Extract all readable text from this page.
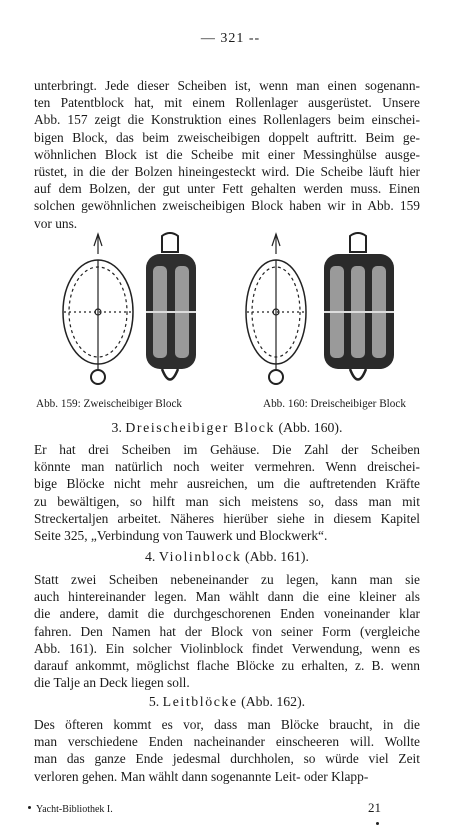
— 321 --
unterbringt. Jede dieser Scheiben ist, wenn man einen sogenann-
ten Patentblock hat, mit einem Rollenlager ausgerüstet. Unsere
Abb. 157 zeigt die Konstruktion eines Rollenlagers beim einschei-
bigen Block, das beim zweischeibigen doppelt auftritt. Beim ge-
wöhnlichen Block ist die Scheibe mit einer Messinghülse ausge-
rüstet, in die der Bolzen hineingesteckt wird. Die Scheibe läuft hier
auf dem Bolzen, der gut unter Fett gehalten werden muss. Einen
solchen gewöhnlichen zweischeibigen Block haben wir in Abb. 159
vor uns.
Abb. 159: Zweischeibiger Block	Abb. 160: Dreischeibiger Block
3. Dreischeibiger Block (Abb. 160).
Er hat drei Scheiben im Gehäuse. Die Zahl der Scheiben
könnte man natürlich noch weiter vermehren. Wenn dreischei-
bige Blöcke nicht mehr ausreichen, um die auftretenden Kräfte
zu bewältigen, so hilft man sich meistens so, dass man mit
Streckertaljen arbeitet. Näheres hierüber siehe in diesem Kapitel
Seite 325, „Verbindung von Tauwerk und Blockwerk“.
4. Violinblock (Abb. 161).
Statt zwei Scheiben nebeneinander zu legen, kann man sie
auch hintereinander legen. Man wählt dann die eine kleiner als
die andere, damit die durchgeschorenen Enden voneinander klar
fahren. Den Namen hat der Block von seiner Form (vergleiche
Abb. 161). Ein solcher Violinblock findet Verwendung, wenn es
darauf ankommt, möglichst flache Blöcke zu erhalten, z. B. wenn
die Talje an Deck liegen soll.
5. Leitblöcke (Abb. 162).
Des öfteren kommt es vor, dass man Blöcke braucht, in die
man verschiedene Enden nacheinander einscheeren will. Wollte
man das ganze Ende jedesmal durchholen, so würde viel Zeit
verloren gehen. Man wählt dann sogenannte Leit- oder Klapp-
Yacht-Bibliothek I.	21
